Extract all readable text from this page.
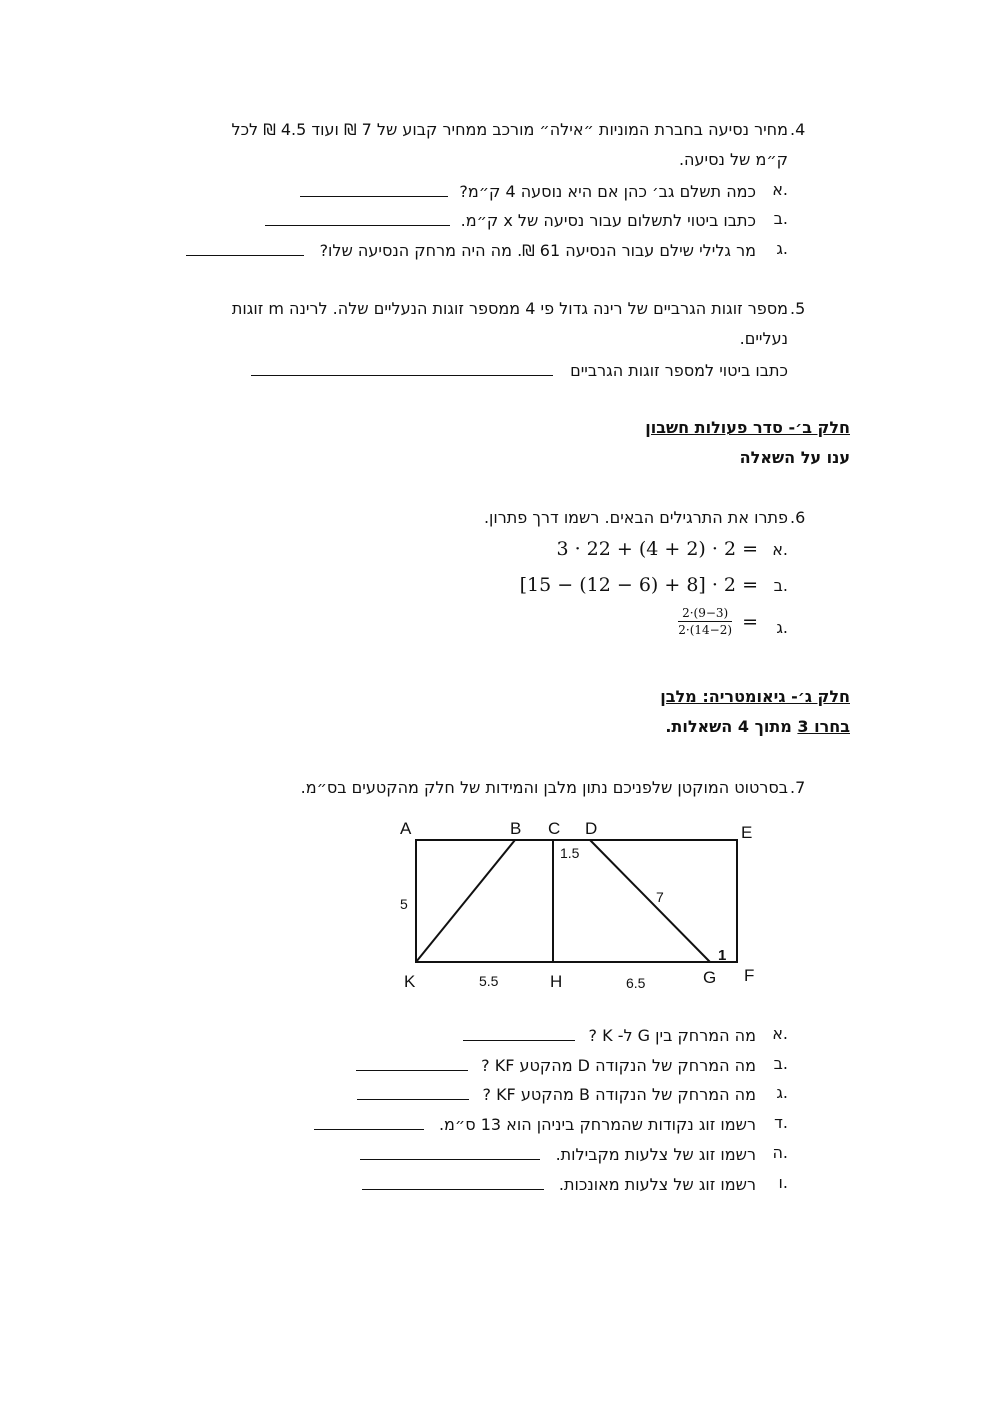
.4
מחיר נסיעה בחברת המוניות ״אילה״ מורכב ממחיר קבוע של 7 ₪ ועוד 4.5 ₪ לכל
ק״מ של נסיעה.
א.
כמה תשלם גב׳ כהן אם היא נוסעה 4 ק״מ?
ב.
כתבו ביטוי לתשלום עבור נסיעה של x ק״מ.
ג.
מר גלילי שילם עבור הנסיעה 61 ₪. מה היה מרחק הנסיעה שלו?
.5
מספר זוגות הגרביים של רינה גדול פי 4 ממספר זוגות הנעליים שלה. לרינה m זוגות
נעליים.
כתבו ביטוי למספר זוגות הגרביים
חלק ב׳- סדר פעולות חשבון
ענו על השאלה
.6
פתרו את התרגילים הבאים. רשמו דרך פתרון.
א.
3 · 22 + (4 + 2) · 2 =
ב.
[15 − (12 − 6) + 8] · 2 =
ג.
$\frac{2\cdot(9-3)}{2\cdot(14-2)}$ =
חלק ג׳- גיאומטריה: מלבן
בחרו 3 מתוך 4 השאלות.
.7
בסרטוט המוקטן שלפניכם נתון מלבן והמידות של חלק מהקטעים בס״מ.
A	B C D	E
F
G
H
K
1.5
7
1
5
5.5	6.5
א.
מה המרחק בין G ל- K ?
ב.
מה המרחק של הנקודה D מהקטע KF ?
ג.
מה המרחק של הנקודה B מהקטע KF ?
ד.
רשמו זוג נקודות שהמרחק ביניהן הוא 13 ס״מ.
ה.
רשמו זוג של צלעות מקבילות.
ו.
רשמו זוג של צלעות מאונכות.
